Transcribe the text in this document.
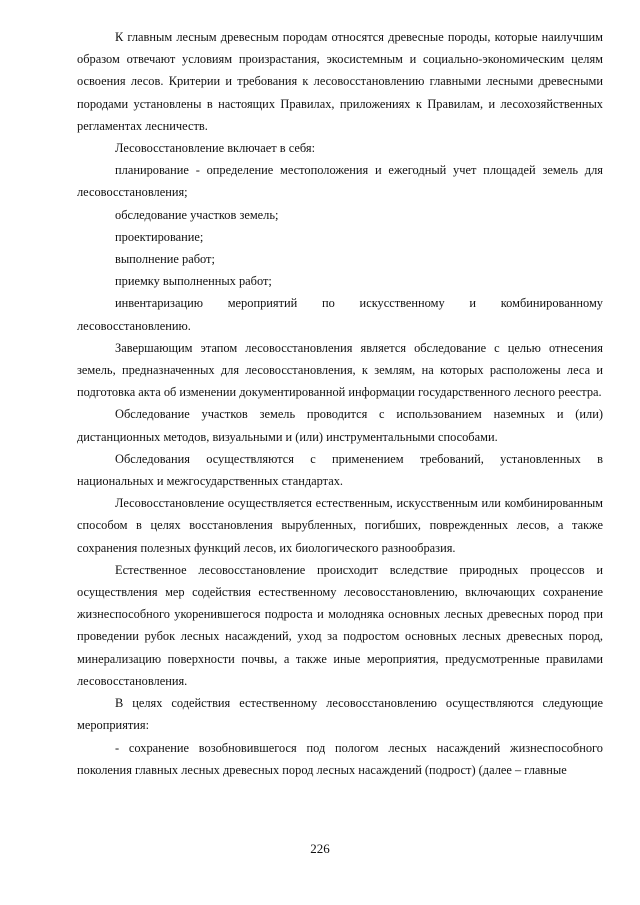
К главным лесным древесным породам относятся древесные породы, которые наилучшим образом отвечают условиям произрастания, экосистемным и социально-экономическим целям освоения лесов. Критерии и требования к лесовосстановлению главными лесными древесными породами установлены в настоящих Правилах, приложениях к Правилам, и лесохозяйственных регламентах лесничеств.

Лесовосстановление включает в себя:

планирование - определение местоположения и ежегодный учет площадей земель для лесовосстановления;

обследование участков земель;

проектирование;

выполнение работ;

приемку выполненных работ;

инвентаризацию мероприятий по искусственному и комбинированному лесовосстановлению.

Завершающим этапом лесовосстановления является обследование с целью отнесения земель, предназначенных для лесовосстановления, к землям, на которых расположены леса и подготовка акта об изменении документированной информации государственного лесного реестра.

Обследование участков земель проводится с использованием наземных и (или) дистанционных методов, визуальными и (или) инструментальными способами.

Обследования осуществляются с применением требований, установленных в национальных и межгосударственных стандартах.

Лесовосстановление осуществляется естественным, искусственным или комбинированным способом в целях восстановления вырубленных, погибших, поврежденных лесов, а также сохранения полезных функций лесов, их биологического разнообразия.

Естественное лесовосстановление происходит вследствие природных процессов и осуществления мер содействия естественному лесовосстановлению, включающих сохранение жизнеспособного укоренившегося подроста и молодняка основных лесных древесных пород при проведении рубок лесных насаждений, уход за подростом основных лесных древесных пород, минерализацию поверхности почвы, а также иные мероприятия, предусмотренные правилами лесовосстановления.

В целях содействия естественному лесовосстановлению осуществляются следующие мероприятия:

- сохранение возобновившегося под пологом лесных насаждений жизнеспособного поколения главных лесных древесных пород лесных насаждений (подрост) (далее – главные

226
